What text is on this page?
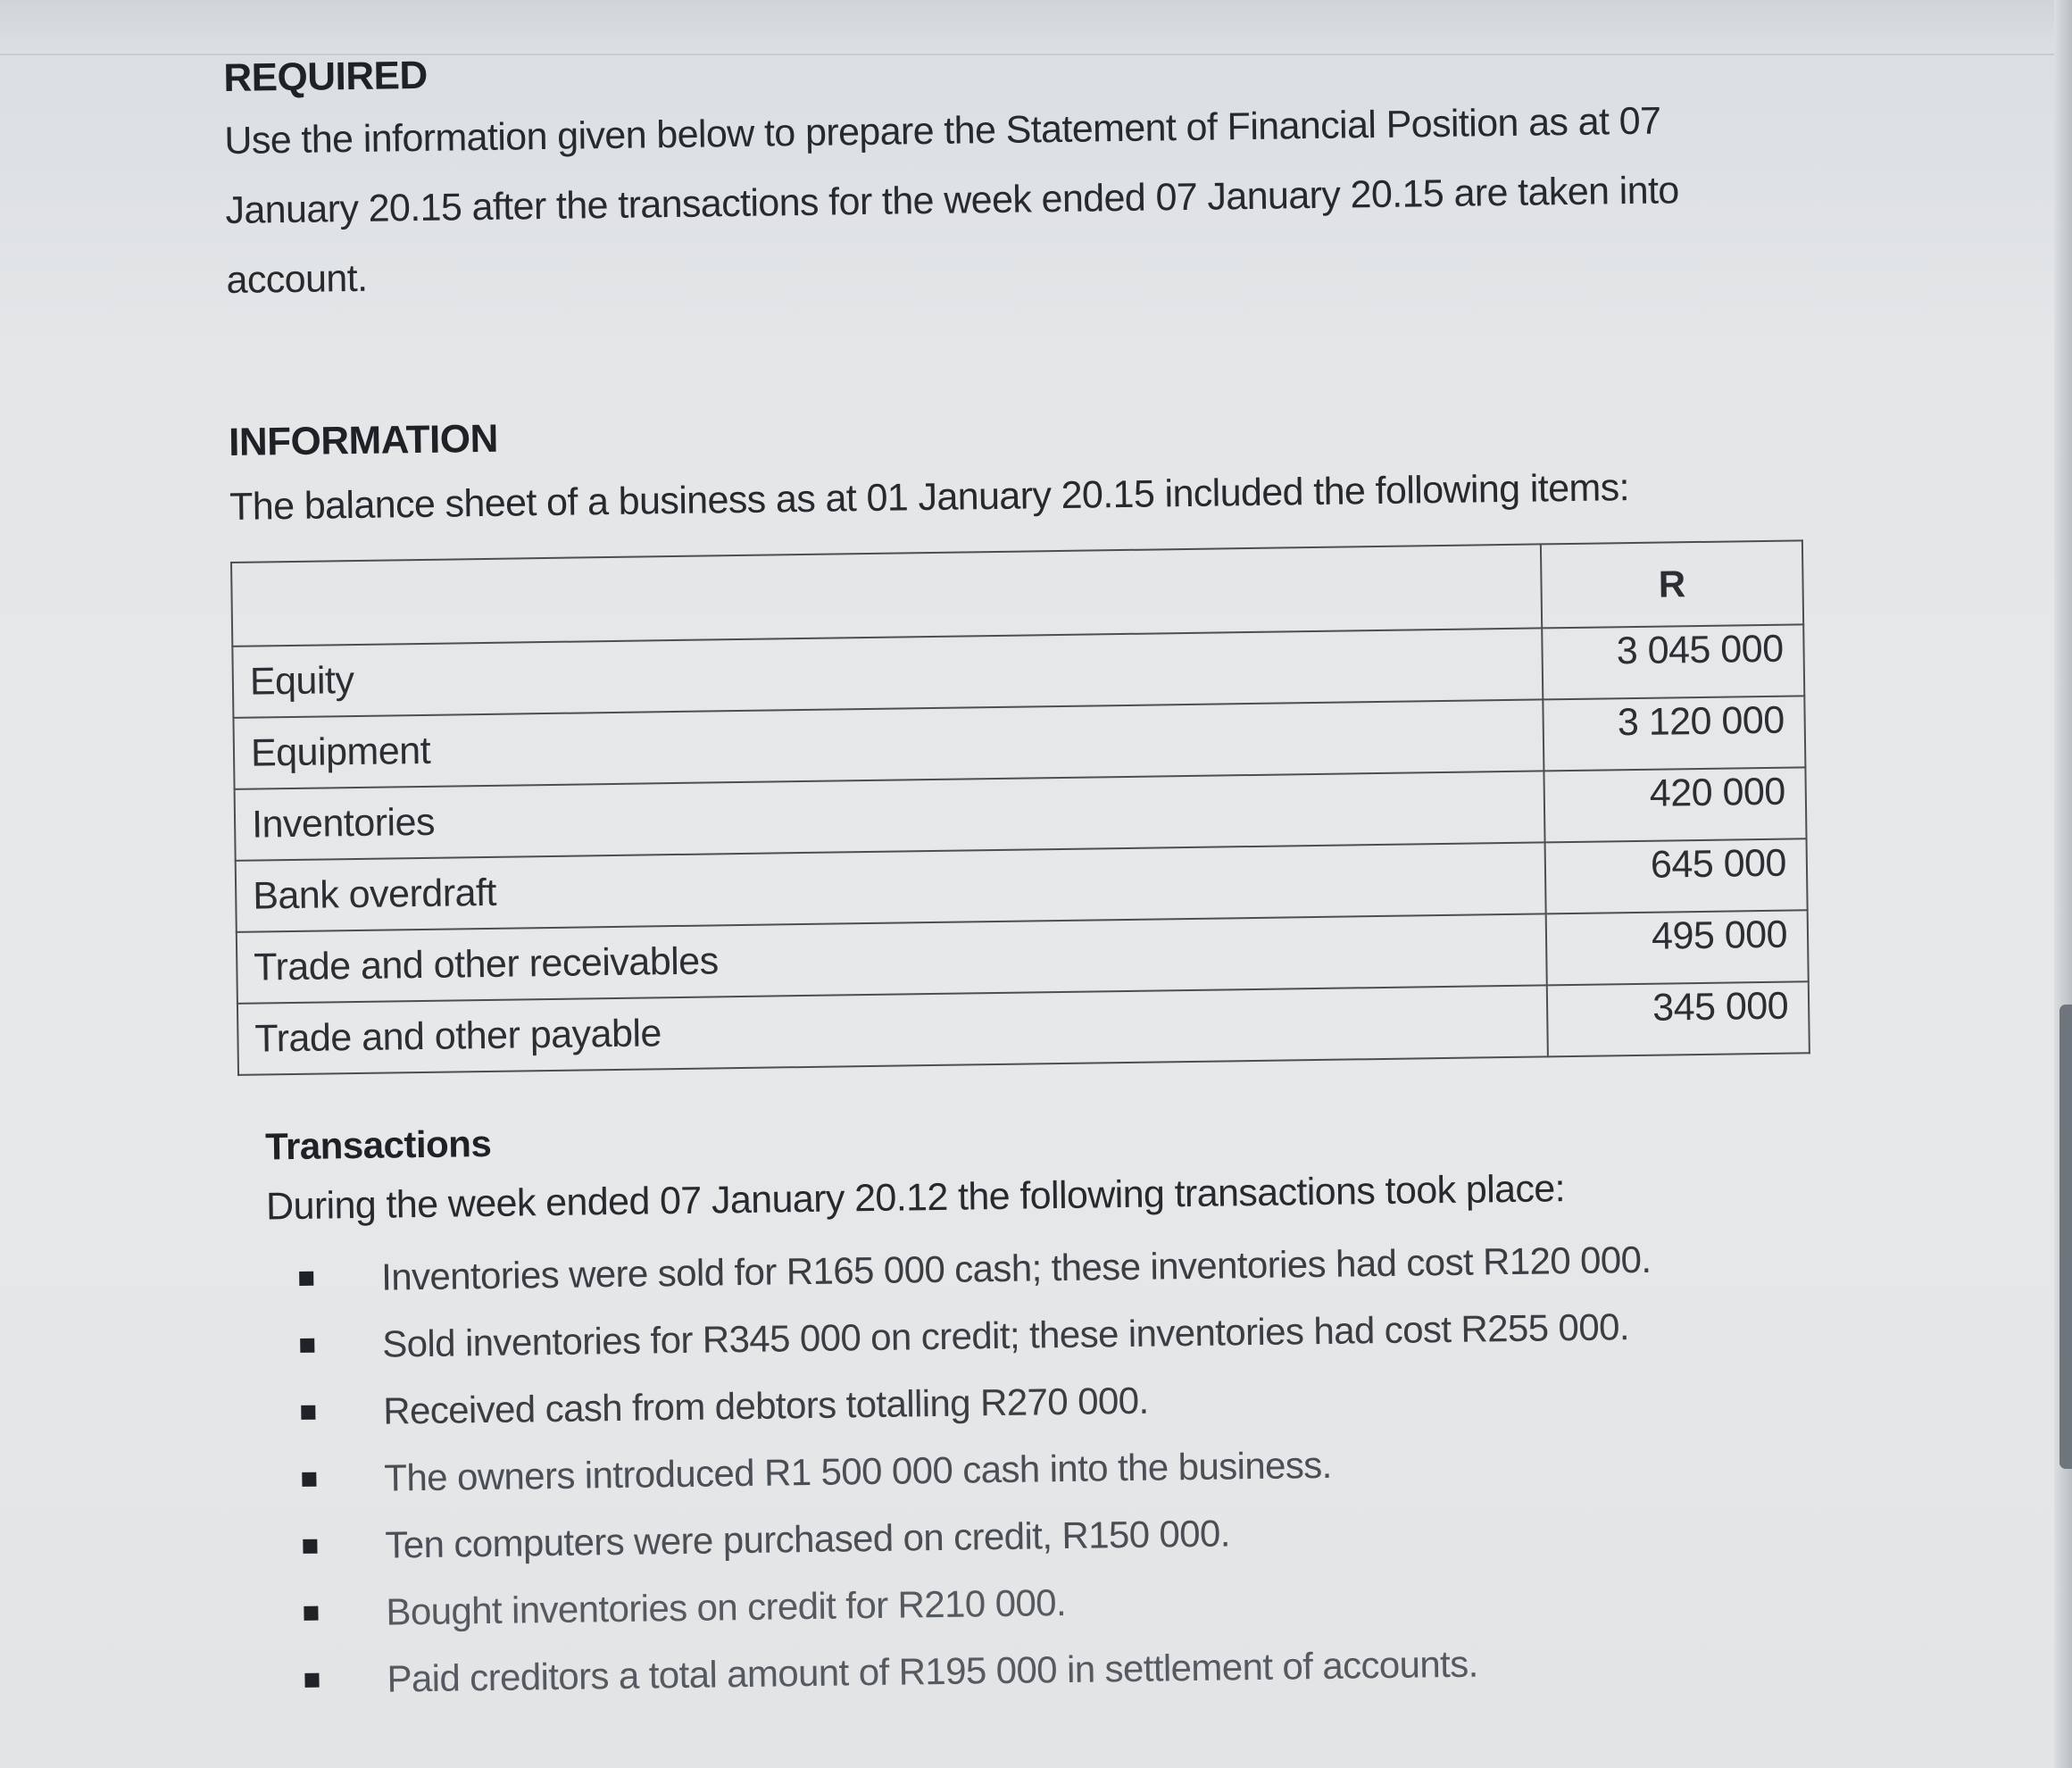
REQUIRED

Use the information given below to prepare the Statement of Financial Position as at 07 January 20.15 after the transactions for the week ended 07 January 20.15 are taken into account.

INFORMATION

The balance sheet of a business as at 01 January 20.15 included the following items:

	R
Equity	3 045 000
Equipment	3 120 000
Inventories	420 000
Bank overdraft	645 000
Trade and other receivables	495 000
Trade and other payable	345 000
Transactions

During the week ended 07 January 20.12 the following transactions took place:

Inventories were sold for R165 000 cash; these inventories had cost R120 000.
Sold inventories for R345 000 on credit; these inventories had cost R255 000.
Received cash from debtors totalling R270 000.
The owners introduced R1 500 000 cash into the business.
Ten computers were purchased on credit, R150 000.
Bought inventories on credit for R210 000.
Paid creditors a total amount of R195 000 in settlement of accounts.
